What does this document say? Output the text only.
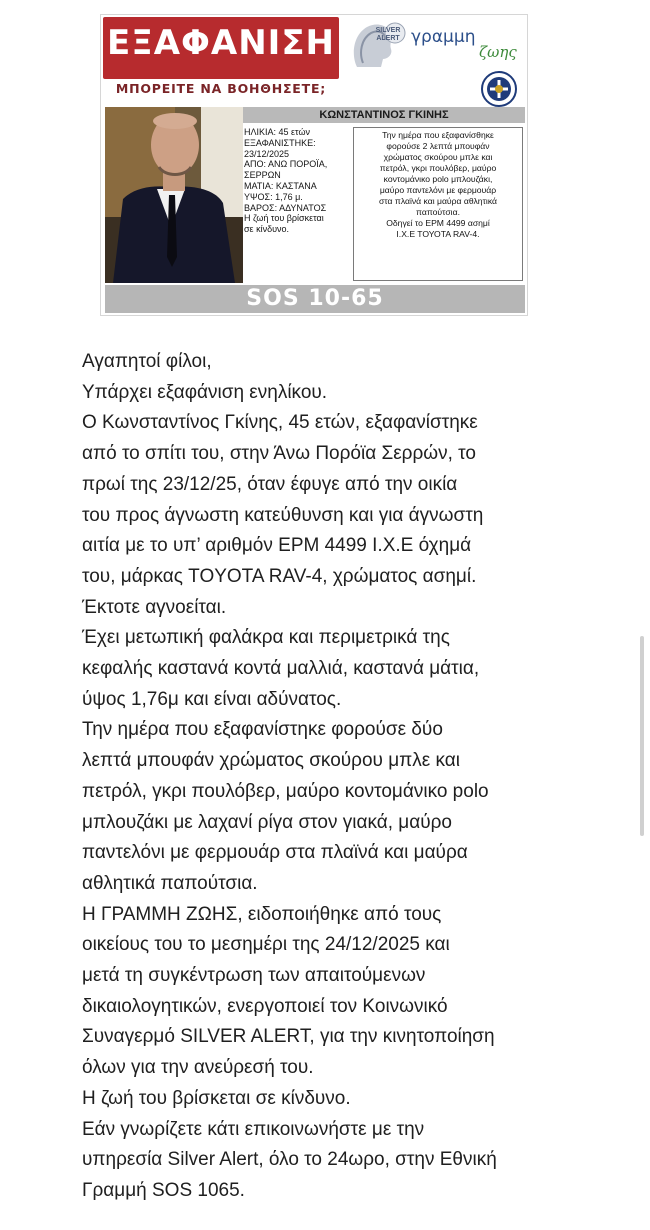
ΕΞΑΦΑΝΙΣΗ
ΜΠΟΡΕΙΤΕ ΝΑ ΒΟΗΘΗΣΕΤΕ;
SILVER ALERT γραμμη
ζωης
ΚΩΝΣΤΑΝΤΙΝΟΣ ΓΚΙΝΗΣ
ΗΛΙΚΙΑ: 45 ετών
ΕΞΑΦΑΝΙΣΤΗΚΕ:
23/12/2025
ΑΠΟ: ΑΝΩ ΠΟΡΟΪΑ,
ΣΕΡΡΩΝ
ΜΑΤΙΑ: ΚΑΣΤΑΝΑ
ΥΨΟΣ: 1,76 μ.
ΒΑΡΟΣ: ΑΔΥΝΑΤΟΣ
Η ζωή του βρίσκεται
σε κίνδυνο.
Την ημέρα που εξαφανίσθηκε
φορούσε 2 λεπτά μπουφάν
χρώματος σκούρου μπλε και
πετρόλ, γκρι πουλόβερ, μαύρο
κοντομάνικο polo μπλουζάκι,
μαύρο παντελόνι με φερμουάρ
στα πλαϊνά και μαύρα αθλητικά
παπούτσια.
Οδηγεί το ΕΡΜ 4499 ασημί
Ι.Χ.Ε ΤΟΥΟΤΑ RAV-4.
SOS 10-65
Αγαπητοί φίλοι,
Υπάρχει εξαφάνιση ενηλίκου.
Ο Κωνσταντίνος Γκίνης, 45 ετών, εξαφανίστηκε
από το σπίτι του, στην Άνω Πορόϊα Σερρών, το
πρωί της 23/12/25, όταν έφυγε από την οικία
του προς άγνωστη κατεύθυνση και για άγνωστη
αιτία με το υπ’ αριθμόν ΕΡΜ 4499 Ι.Χ.Ε όχημά
του, μάρκας TOYOTA RAV-4, χρώματος ασημί.
Έκτοτε αγνοείται.
Έχει μετωπική φαλάκρα και περιμετρικά της
κεφαλής καστανά κοντά μαλλιά, καστανά μάτια,
ύψος 1,76μ και είναι αδύνατος.
Την ημέρα που εξαφανίστηκε φορούσε δύο
λεπτά μπουφάν χρώματος σκούρου μπλε και
πετρόλ, γκρι πουλόβερ, μαύρο κοντομάνικο polo
μπλουζάκι με λαχανί ρίγα στον γιακά, μαύρο
παντελόνι με φερμουάρ στα πλαϊνά και μαύρα
αθλητικά παπούτσια.
Η ΓΡΑΜΜΗ ΖΩΗΣ, ειδοποιήθηκε από τους
οικείους του το μεσημέρι της 24/12/2025 και
μετά τη συγκέντρωση των απαιτούμενων
δικαιολογητικών, ενεργοποιεί τον Κοινωνικό
Συναγερμό SILVER ALERT, για την κινητοποίηση
όλων για την ανεύρεσή του.
Η ζωή του βρίσκεται σε κίνδυνο.
Εάν γνωρίζετε κάτι επικοινωνήστε με την
υπηρεσία Silver Alert, όλο το 24ωρο, στην Εθνική
Γραμμή SOS 1065.
